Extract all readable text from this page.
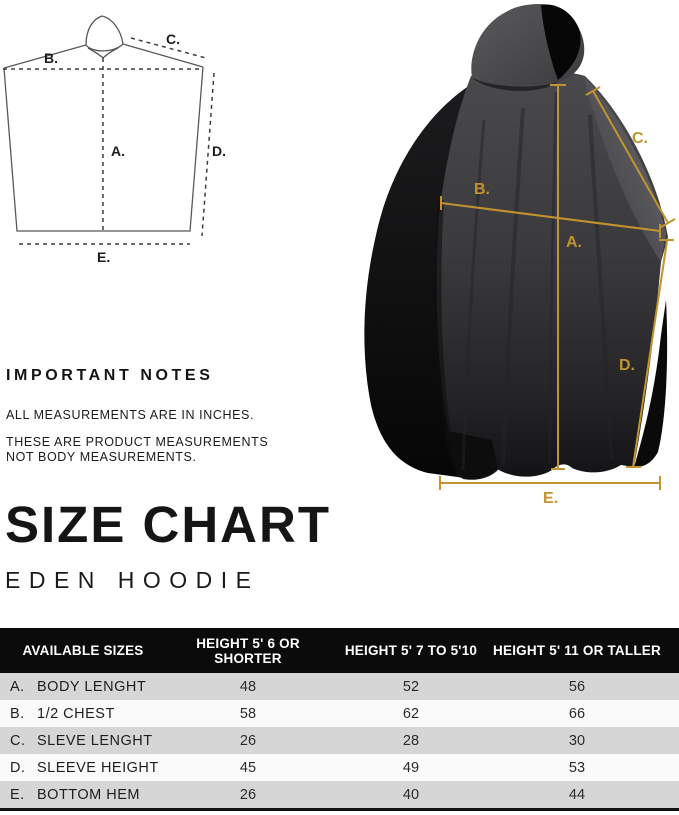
B.
C.
A.	D.
E.
A.
B.
C.
D.
E.
IMPORTANT NOTES
ALL MEASUREMENTS ARE IN INCHES.
THESE ARE PRODUCT MEASUREMENTS
NOT BODY MEASUREMENTS.
SIZE CHART
EDEN HOODIE
AVAILABLE SIZES	HEIGHT 5' 6 OR SHORTER	HEIGHT 5' 7 TO 5'10	HEIGHT 5' 11 OR TALLER
A. BODY LENGHT	48	52	56
B. 1/2 CHEST	58	62	66
C. SLEVE LENGHT	26	28	30
D. SLEEVE HEIGHT	45	49	53
E. BOTTOM HEM	26	40	44
